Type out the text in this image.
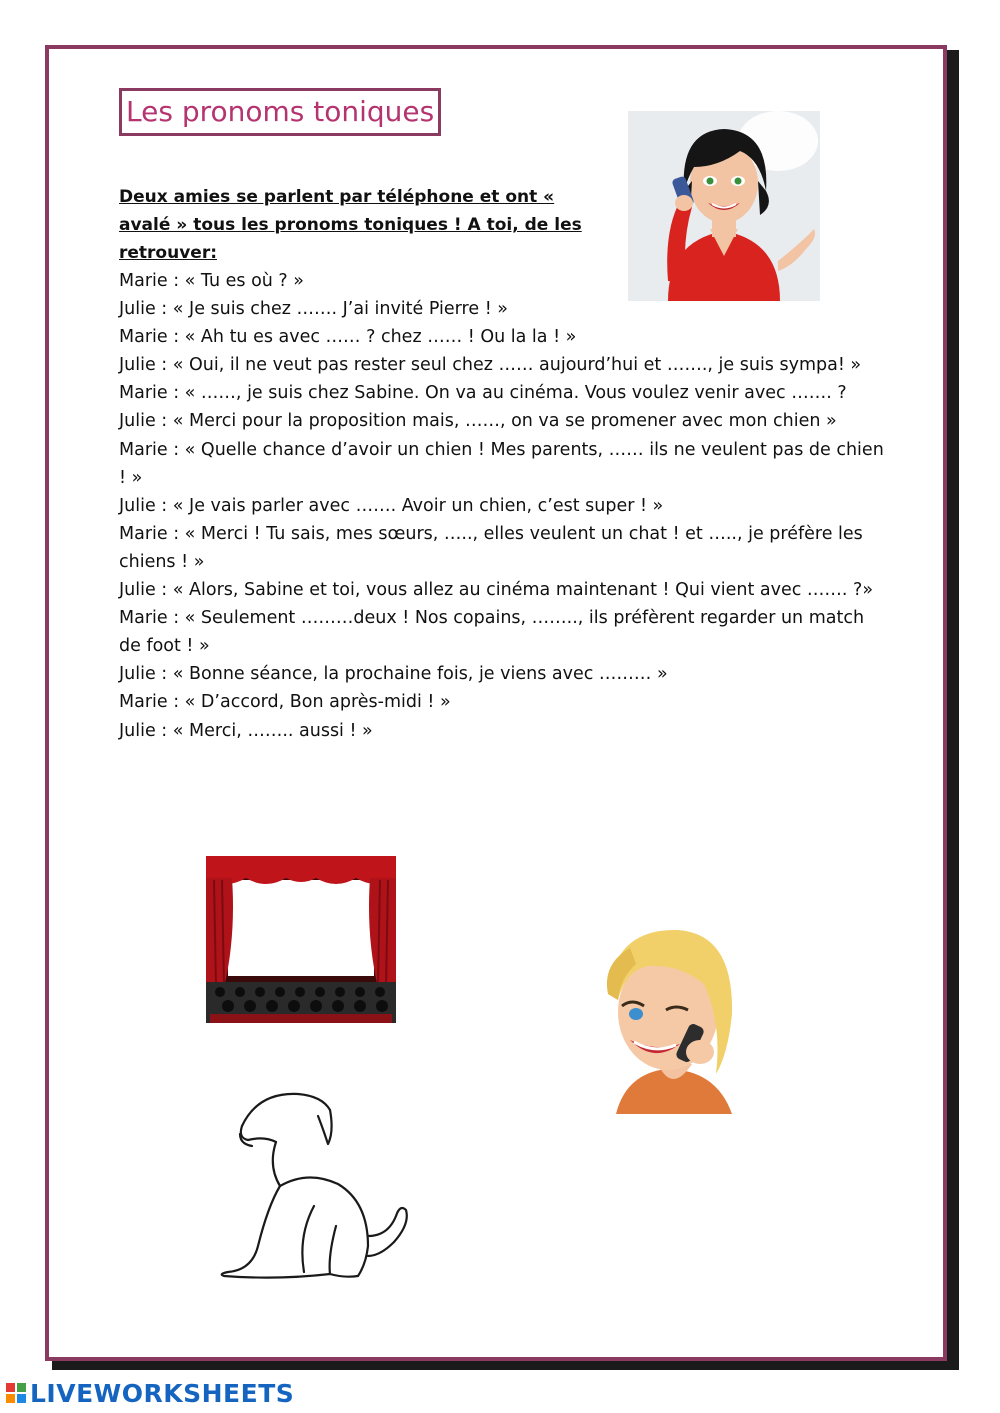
Les pronoms toniques
Deux amies se parlent par téléphone et ont « avalé » tous les pronoms toniques ! A toi, de les retrouver:
Marie : « Tu es où ? »
Julie : « Je suis chez ……. J’ai invité Pierre ! »
Marie : « Ah tu es avec …… ? chez …… ! Ou la la ! »
Julie : « Oui, il ne veut pas rester seul chez …… aujourd’hui et ……., je suis sympa! »
Marie : « ……, je suis chez Sabine. On va au cinéma. Vous voulez venir avec ……. ?
Julie : « Merci pour la proposition mais, ……, on va se promener avec mon chien »
Marie : « Quelle chance d’avoir un chien ! Mes parents, …… ils ne veulent pas de chien ! »
Julie : « Je vais parler avec ……. Avoir un chien, c’est super ! »
Marie : « Merci ! Tu sais, mes sœurs, ….., elles veulent un chat ! et ….., je préfère les chiens ! »
Julie : « Alors, Sabine et toi, vous allez au cinéma maintenant ! Qui vient avec ……. ?»
Marie : « Seulement ………deux ! Nos copains, …….., ils préfèrent regarder un match de foot ! »
Julie : « Bonne séance, la prochaine fois, je viens avec ……… »
Marie : « D’accord, Bon après-midi ! »
Julie : « Merci, …….. aussi ! »
LIVEWORKSHEETS
